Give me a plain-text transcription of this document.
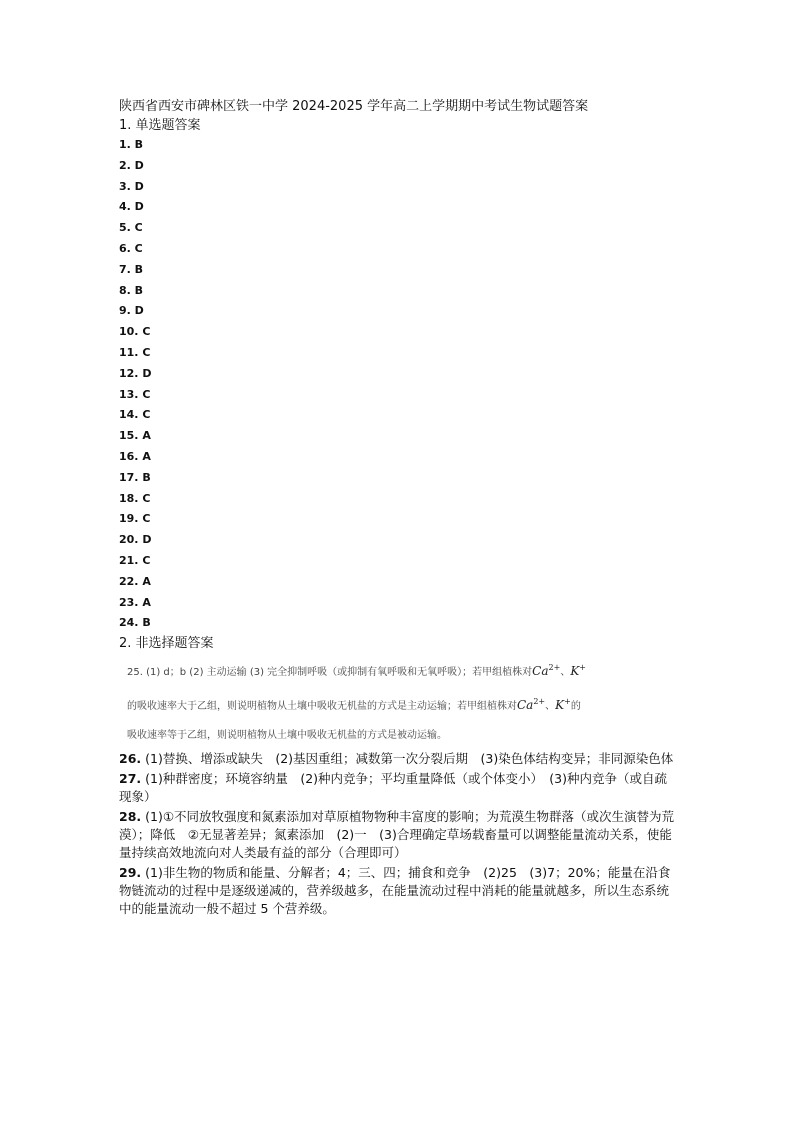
陕西省西安市碑林区铁一中学 2024-2025 学年高二上学期期中考试生物试题答案

1. 单选题答案

1. B
2. D
3. D
4. D
5. C
6. C
7. B
8. B
9. D
10. C
11. C
12. D
13. C
14. C
15. A
16. A
17. B
18. C
19. C
20. D
21. C
22. A
23. A
24. B

2. 非选择题答案

25. (1) d；b (2) 主动运输 (3) 完全抑制呼吸（或抑制有氧呼吸和无氧呼吸）；若甲组植株对$Ca^{2+}$、K+

的吸收速率大于乙组，则说明植物从土壤中吸收无机盐的方式是主动运输；若甲组植株对$Ca^{2+}$、K+的

吸收速率等于乙组，则说明植物从土壤中吸收无机盐的方式是被动运输。

26. (1)替换、增添或缺失　(2)基因重组；减数第一次分裂后期　(3)染色体结构变异；非同源染色体

27. (1)种群密度；环境容纳量　(2)种内竞争；平均重量降低（或个体变小）　(3)种内竞争（或自疏现象）

28. (1)①不同放牧强度和氮素添加对草原植物物种丰富度的影响；为荒漠生物群落（或次生演替为荒漠）；降低　②无显著差异；氮素添加　(2)一　(3)合理确定草场载畜量可以调整能量流动关系，使能量持续高效地流向对人类最有益的部分（合理即可）

29. (1)非生物的物质和能量、分解者；4；三、四；捕食和竞争　(2)25　(3)7；20%；能量在沿食物链流动的过程中是逐级递减的，营养级越多，在能量流动过程中消耗的能量就越多，所以生态系统中的能量流动一般不超过 5 个营养级。
